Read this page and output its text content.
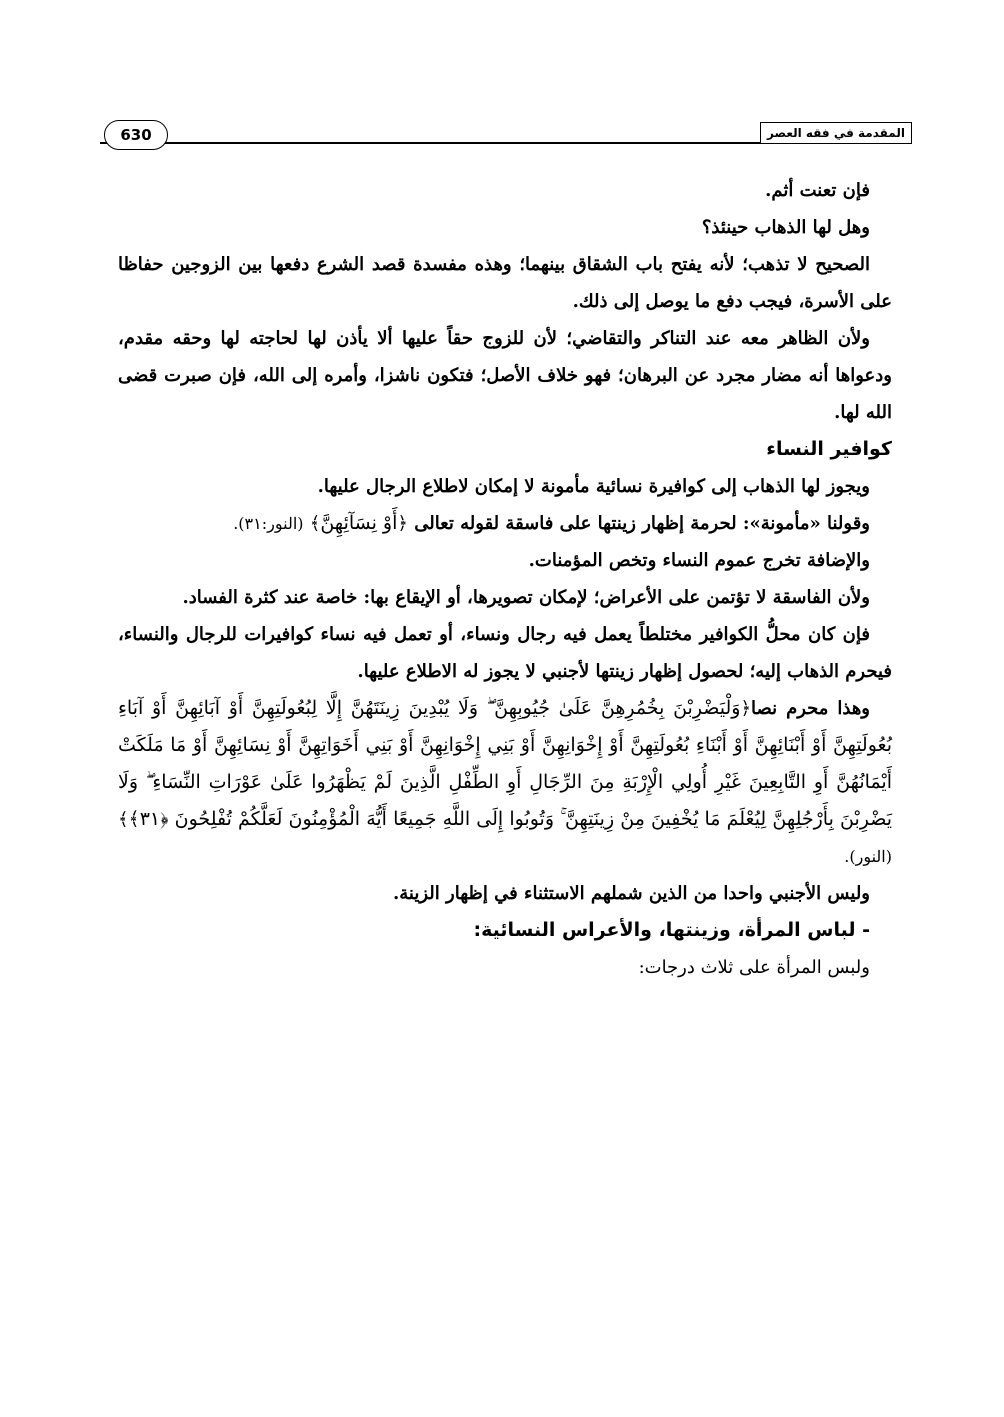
المقدمة في فقه العصر
630

فإن تعنت أثم.

وهل لها الذهاب حينئذ؟

الصحيح لا تذهب؛ لأنه يفتح باب الشقاق بينهما؛ وهذه مفسدة قصد الشرع دفعها بين الزوجين حفاظا على الأسرة، فيجب دفع ما يوصل إلى ذلك.

ولأن الظاهر معه عند التناكر والتقاضي؛ لأن للزوج حقاً عليها ألا يأذن لها لحاجته لها وحقه مقدم، ودعواها أنه مضار مجرد عن البرهان؛ فهو خلاف الأصل؛ فتكون ناشزا، وأمره إلى الله، فإن صبرت قضى الله لها.

كوافير النساء

ويجوز لها الذهاب إلى كوافيرة نسائية مأمونة لا إمكان لاطلاع الرجال عليها.

وقولنا «مأمونة»: لحرمة إظهار زينتها على فاسقة لقوله تعالى ﴿أَوْ نِسَآئِهِنَّ﴾ (النور:٣١).

والإضافة تخرج عموم النساء وتخص المؤمنات.

ولأن الفاسقة لا تؤتمن على الأعراض؛ لإمكان تصويرها، أو الإيقاع بها: خاصة عند كثرة الفساد.

فإن كان محلُّ الكوافير مختلطاً يعمل فيه رجال ونساء، أو تعمل فيه نساء كوافيرات للرجال والنساء، فيحرم الذهاب إليه؛ لحصول إظهار زينتها لأجنبي لا يجوز له الاطلاع عليها.

وهذا محرم نصا﴿وَلْيَضْرِبْنَ بِخُمُرِهِنَّ عَلَىٰ جُيُوبِهِنَّ ۖ وَلَا يُبْدِينَ زِينَتَهُنَّ إِلَّا لِبُعُولَتِهِنَّ أَوْ آبَائِهِنَّ أَوْ آبَاءِ بُعُولَتِهِنَّ أَوْ أَبْنَائِهِنَّ أَوْ أَبْنَاءِ بُعُولَتِهِنَّ أَوْ إِخْوَانِهِنَّ أَوْ بَنِي إِخْوَانِهِنَّ أَوْ بَنِي أَخَوَاتِهِنَّ أَوْ نِسَائِهِنَّ أَوْ مَا مَلَكَتْ أَيْمَانُهُنَّ أَوِ التَّابِعِينَ غَيْرِ أُولِي الْإِرْبَةِ مِنَ الرِّجَالِ أَوِ الطِّفْلِ الَّذِينَ لَمْ يَظْهَرُوا عَلَىٰ عَوْرَاتِ النِّسَاءِ ۖ وَلَا يَضْرِبْنَ بِأَرْجُلِهِنَّ لِيُعْلَمَ مَا يُخْفِينَ مِنْ زِينَتِهِنَّ ۚ وَتُوبُوا إِلَى اللَّهِ جَمِيعًا أَيُّهَ الْمُؤْمِنُونَ لَعَلَّكُمْ تُفْلِحُونَ ﴿٣١﴾﴾ (النور).

وليس الأجنبي واحدا من الذين شملهم الاستثناء في إظهار الزينة.

- لباس المرأة، وزينتها، والأعراس النسائية:

ولبس المرأة على ثلاث درجات:
